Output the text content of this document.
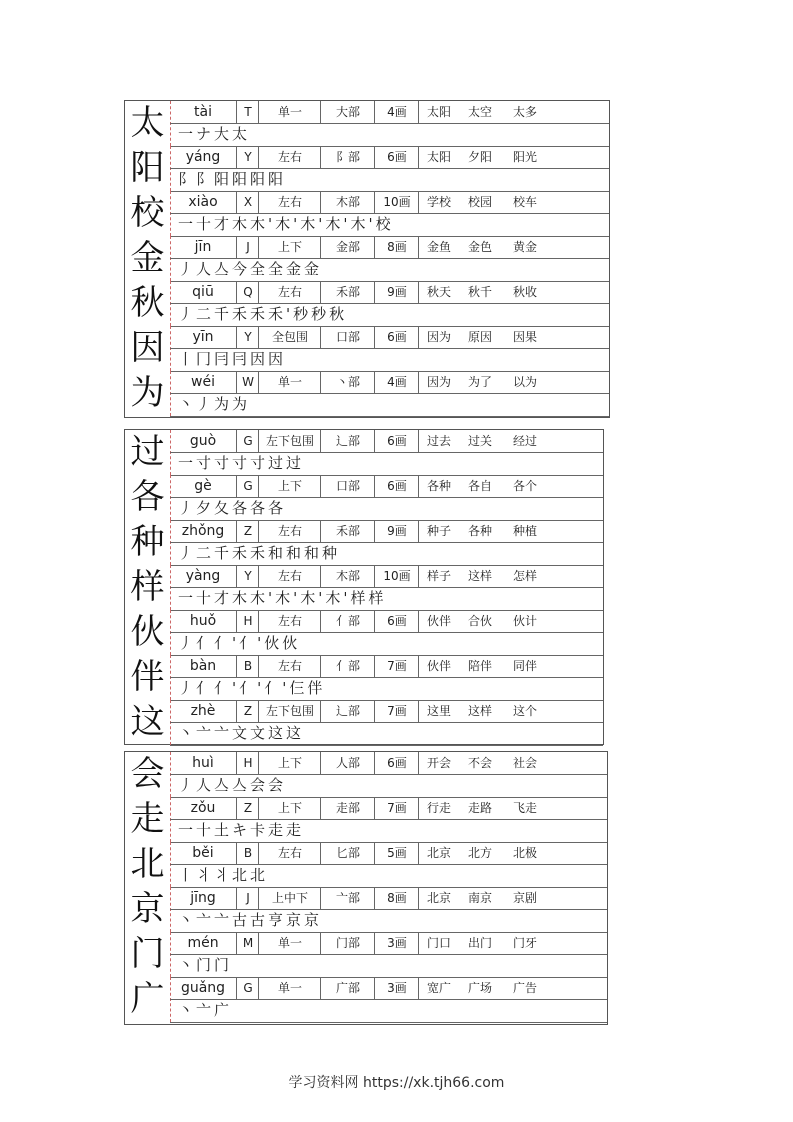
太	tài	T	单一	大部	4画	太阳	太空	太多
一ナ大太
阳	yáng	Y	左右	阝部	6画	太阳	夕阳	阳光
阝阝阳阳阳阳
校	xiào	X	左右	木部	10画	学校	校园	校车
一十才木木'木'木'木'木'校
金	jīn	J	上下	金部	8画	金鱼	金色	黄金
丿人亼今全全金金
秋	qiū	Q	左右	禾部	9画	秋天	秋千	秋收
丿二千禾禾禾'秒秒秋
因	yīn	Y	全包围	口部	6画	因为	原因	因果
丨冂冃冃因因
为	wéi	W	单一	丶部	4画	因为	为了	以为
丶丿为为
过	guò	G	左下包围	辶部	6画	过去	过关	经过
一寸寸寸寸过过
各	gè	G	上下	口部	6画	各种	各自	各个
丿夕夂各各各
种	zhǒng	Z	左右	禾部	9画	种子	各种	种植
丿二千禾禾和和和种
样	yàng	Y	左右	木部	10画	样子	这样	怎样
一十才木木'木'木'木'样样
伙	huǒ	H	左右	亻部	6画	伙伴	合伙	伙计
丿亻亻'亻'伙伙
伴	bàn	B	左右	亻部	7画	伙伴	陪伴	同伴
丿亻亻'亻'亻'仨伴
这	zhè	Z	左下包围	辶部	7画	这里	这样	这个
丶亠亠文文这这
会	huì	H	上下	人部	6画	开会	不会	社会
丿人亼亼会会
走	zǒu	Z	上下	走部	7画	行走	走路	飞走
一十土キ卡走走
北	běi	B	左右	匕部	5画	北京	北方	北极
丨丬丬北北
京	jīng	J	上中下	亠部	8画	北京	南京	京剧
丶亠亠古古亨京京
门	mén	M	单一	门部	3画	门口	出门	门牙
丶门门
广	guǎng	G	单一	广部	3画	宽广	广场	广告
丶亠广
学习资料网 https://xk.tjh66.com
